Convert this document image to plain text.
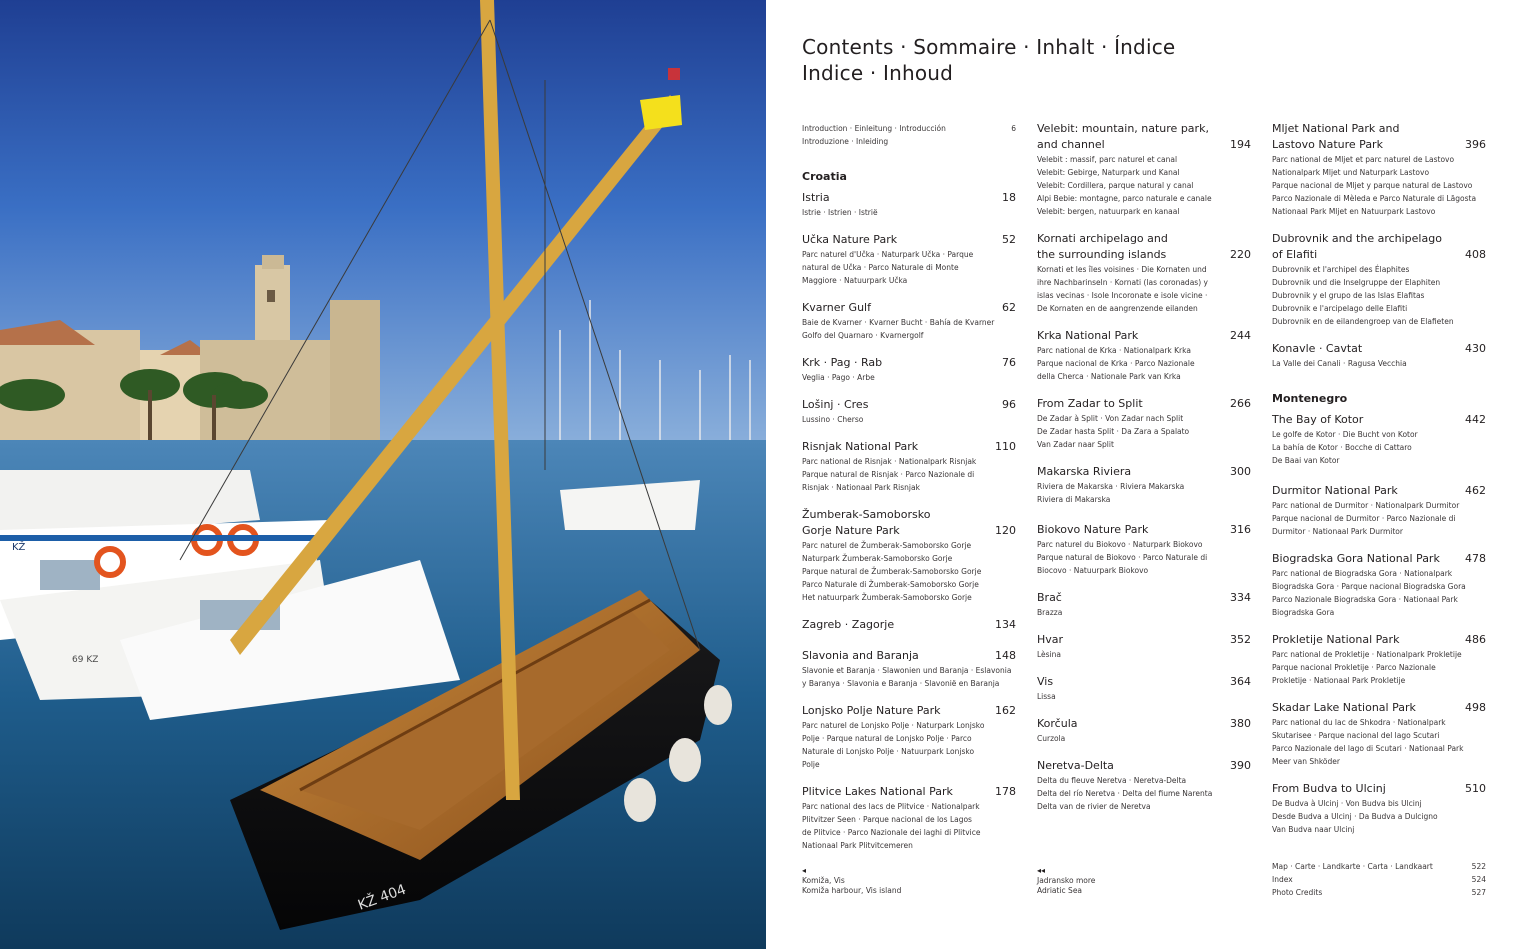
KŽ 404
69 KZ
KŽ
Contents · Sommaire · Inhalt · Índice
Indice · Inhoud
Introduction · Einleitung · Introducción
Introduzione · Inleiding
6
Croatia
Istria	18
Istrie · Istrien · Istrië
Učka Nature Park	52
Parc naturel d'Učka · Naturpark Učka · Parque
natural de Učka · Parco Naturale di Monte
Maggiore · Natuurpark Učka
Kvarner Gulf	62
Baie de Kvarner · Kvarner Bucht · Bahía de Kvarner
Golfo del Quarnaro · Kvarnergolf
Krk · Pag · Rab	76
Veglia · Pago · Arbe
Lošinj · Cres	96
Lussino · Cherso
Risnjak National Park	110
Parc national de Risnjak · Nationalpark Risnjak
Parque natural de Risnjak · Parco Nazionale di
Risnjak · Nationaal Park Risnjak
Žumberak-Samoborsko
Gorje Nature Park	120
Parc naturel de Žumberak-Samoborsko Gorje
Naturpark Žumberak-Samoborsko Gorje
Parque natural de Žumberak-Samoborsko Gorje
Parco Naturale di Žumberak-Samoborsko Gorje
Het natuurpark Žumberak-Samoborsko Gorje
Zagreb · Zagorje	134
Slavonia and Baranja	148
Slavonie et Baranja · Slawonien und Baranja · Eslavonia
y Baranya · Slavonia e Baranja · Slavonië en Baranja
Lonjsko Polje Nature Park	162
Parc naturel de Lonjsko Polje · Naturpark Lonjsko
Polje · Parque natural de Lonjsko Polje · Parco
Naturale di Lonjsko Polje · Natuurpark Lonjsko
Polje
Plitvice Lakes National Park	178
Parc national des lacs de Plitvice · Nationalpark
Plitvitzer Seen · Parque nacional de los Lagos
de Plitvice · Parco Nazionale dei laghi di Plitvice
Nationaal Park Plitvitcemeren
◂
Komiža, Vis
Komiža harbour, Vis island
Velebit: mountain, nature park,
and channel	194
Velebit : massif, parc naturel et canal
Velebit: Gebirge, Naturpark und Kanal
Velebit: Cordillera, parque natural y canal
Alpi Bebie: montagne, parco naturale e canale
Velebit: bergen, natuurpark en kanaal
Kornati archipelago and
the surrounding islands	220
Kornati et les îles voisines · Die Kornaten und
ihre Nachbarinseln · Kornati (las coronadas) y
islas vecinas · Isole Incoronate e isole vicine ·
De Kornaten en de aangrenzende eilanden
Krka National Park	244
Parc national de Krka · Nationalpark Krka
Parque nacional de Krka · Parco Nazionale
della Cherca · Nationale Park van Krka
From Zadar to Split	266
De Zadar à Split · Von Zadar nach Split
De Zadar hasta Split · Da Zara a Spalato
Van Zadar naar Split
Makarska Riviera	300
Riviera de Makarska · Riviera Makarska
Riviera di Makarska
Biokovo Nature Park	316
Parc naturel du Biokovo · Naturpark Biokovo
Parque natural de Biokovo · Parco Naturale di
Biocovo · Natuurpark Biokovo
Brač	334
Brazza
Hvar	352
Lèsina
Vis	364
Lissa
Korčula	380
Curzola
Neretva-Delta	390
Delta du fleuve Neretva · Neretva-Delta
Delta del río Neretva · Delta del fiume Narenta
Delta van de rivier de Neretva
◂◂
Jadransko more
Adriatic Sea
Mljet National Park and
Lastovo Nature Park	396
Parc national de Mljet et parc naturel de Lastovo
Nationalpark Mljet und Naturpark Lastovo
Parque nacional de Mljet y parque natural de Lastovo
Parco Nazionale di Mèleda e Parco Naturale di Lăgosta
Nationaal Park Mljet en Natuurpark Lastovo
Dubrovnik and the archipelago
of Elafiti	408
Dubrovnik et l'archipel des Élaphites
Dubrovnik und die Inselgruppe der Elaphiten
Dubrovnik y el grupo de las Islas Elafitas
Dubrovnik e l'arcipelago delle Elafiti
Dubrovnik en de eilandengroep van de Elafieten
Konavle · Cavtat	430
La Valle dei Canali · Ragusa Vecchia
Montenegro
The Bay of Kotor	442
Le golfe de Kotor · Die Bucht von Kotor
La bahía de Kotor · Bocche di Cattaro
De Baai van Kotor
Durmitor National Park	462
Parc national de Durmitor · Nationalpark Durmitor
Parque nacional de Durmitor · Parco Nazionale di
Durmitor · Nationaal Park Durmitor
Biogradska Gora National Park	478
Parc national de Biogradska Gora · Nationalpark
Biogradska Gora · Parque nacional Biogradska Gora
Parco Nazionale Biogradska Gora · Nationaal Park
Biogradska Gora
Prokletije National Park	486
Parc national de Prokletije · Nationalpark Prokletije
Parque nacional Prokletije · Parco Nazionale
Prokletije · Nationaal Park Prokletije
Skadar Lake National Park	498
Parc national du lac de Shkodra · Nationalpark
Skutarisee · Parque nacional del lago Scutari
Parco Nazionale del lago di Scutari · Nationaal Park
Meer van Shköder
From Budva to Ulcinj	510
De Budva à Ulcinj · Von Budva bis Ulcinj
Desde Budva a Ulcinj · Da Budva a Dulcigno
Van Budva naar Ulcinj
Map · Carte · Landkarte · Carta · Landkaart	522
Index	524
Photo Credits	527
